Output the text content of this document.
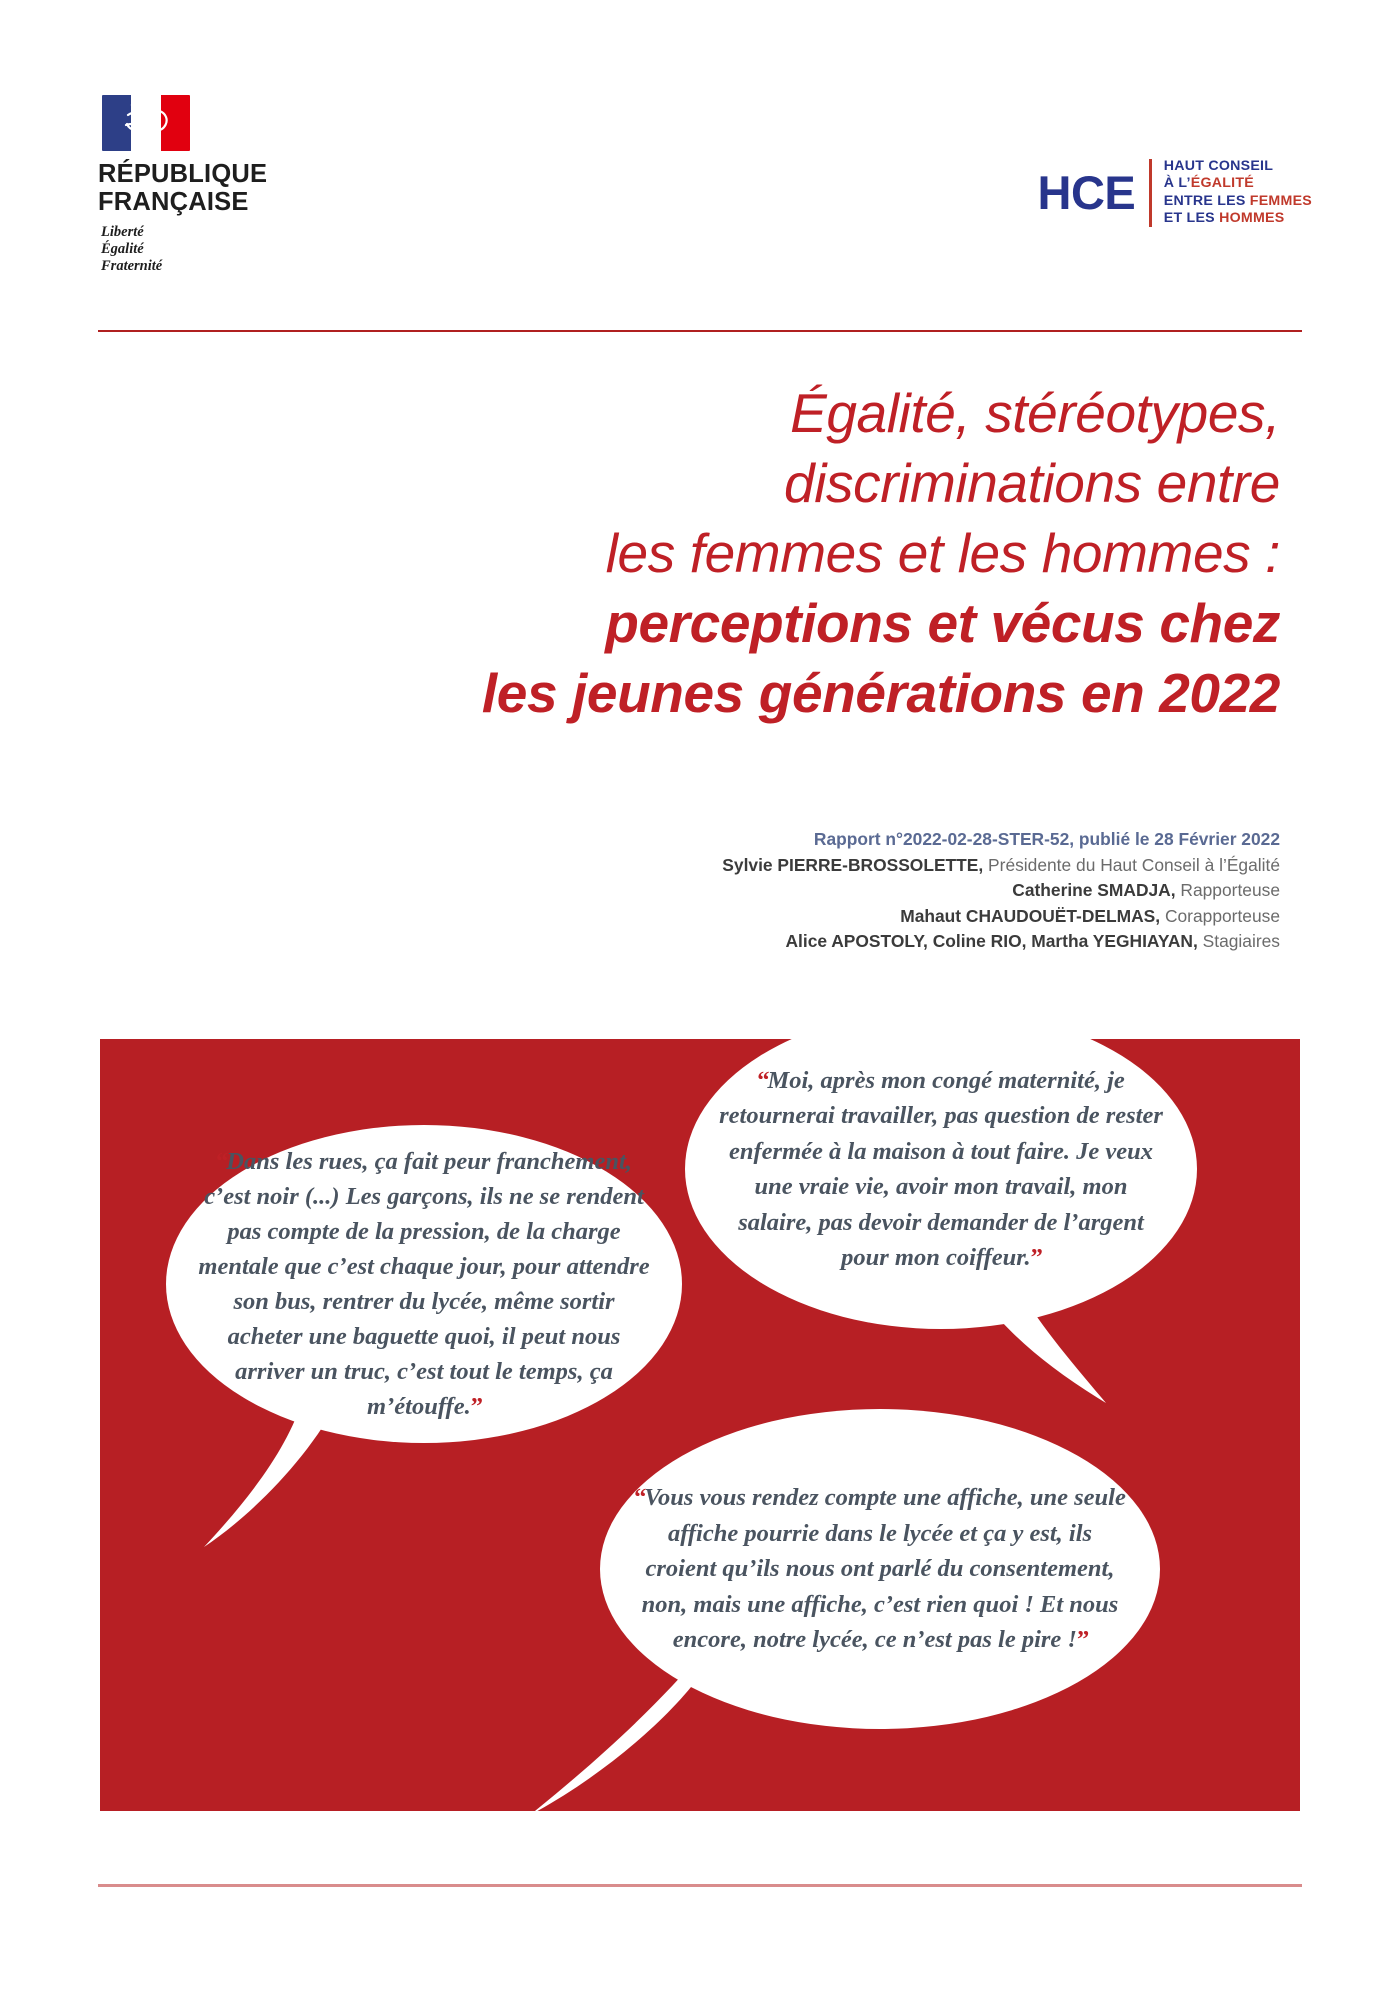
RÉPUBLIQUE
FRANÇAISE
Liberté
Égalité
Fraternité
HCE
HAUT CONSEIL
À L’ÉGALITÉ
ENTRE LES FEMMES
ET LES HOMMES
Égalité, stéréotypes,
discriminations entre
les femmes et les hommes :
perceptions et vécus chez
les jeunes générations en 2022
Rapport n°2022-02-28-STER-52, publié le 28 Février 2022
Sylvie PIERRE-BROSSOLETTE, Présidente du Haut Conseil à l’Égalité
Catherine SMADJA, Rapporteuse
Mahaut CHAUDOUËT-DELMAS, Corapporteuse
Alice APOSTOLY, Coline RIO, Martha YEGHIAYAN, Stagiaires
“Dans les rues, ça fait peur franchement, c’est noir (...) Les garçons, ils ne se rendent pas compte de la pression, de la charge mentale que c’est chaque jour, pour attendre son bus, rentrer du lycée, même sortir acheter une baguette quoi, il peut nous arriver un truc, c’est tout le temps, ça m’étouffe.”
“Moi, après mon congé maternité, je retournerai travailler, pas question de rester enfermée à la maison à tout faire. Je veux une vraie vie, avoir mon travail, mon salaire, pas devoir demander de l’argent pour mon coiffeur.”
“Vous vous rendez compte une affiche, une seule affiche pourrie dans le lycée et ça y est, ils croient qu’ils nous ont parlé du consentement, non, mais une affiche, c’est rien quoi ! Et nous encore, notre lycée, ce n’est pas le pire !”
